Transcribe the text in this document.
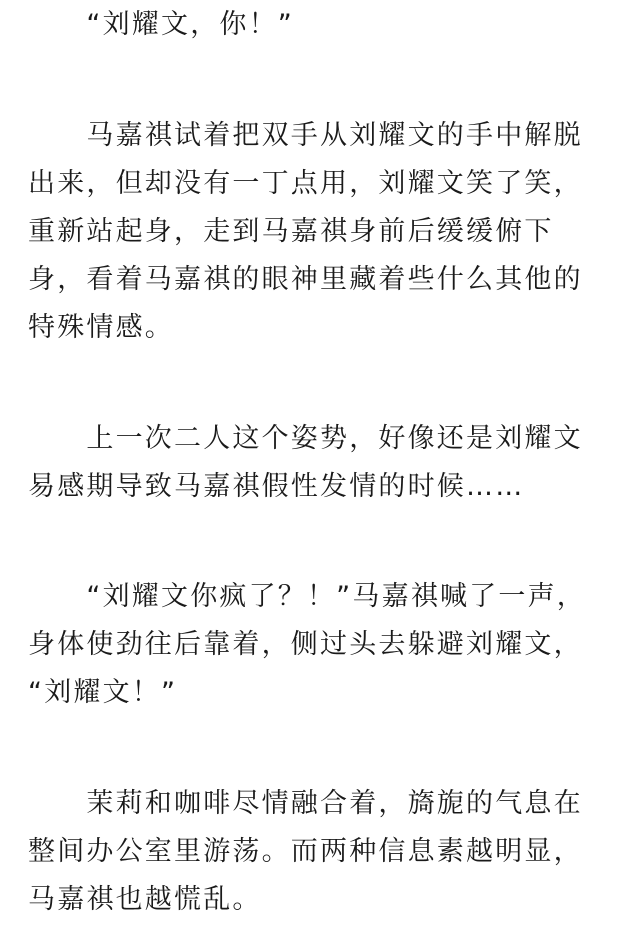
　　“刘耀文，你！”
　　马嘉祺试着把双手从刘耀文的手中解脱
出来，但却没有一丁点用，刘耀文笑了笑，
重新站起身，走到马嘉祺身前后缓缓俯下
身，看着马嘉祺的眼神里藏着些什么其他的
特殊情感。
　　上一次二人这个姿势，好像还是刘耀文
易感期导致马嘉祺假性发情的时候……
　　“刘耀文你疯了？！”马嘉祺喊了一声，
身体使劲往后靠着，侧过头去躲避刘耀文，
“刘耀文！”
　　茉莉和咖啡尽情融合着，旖旎的气息在
整间办公室里游荡。而两种信息素越明显，
马嘉祺也越慌乱。
